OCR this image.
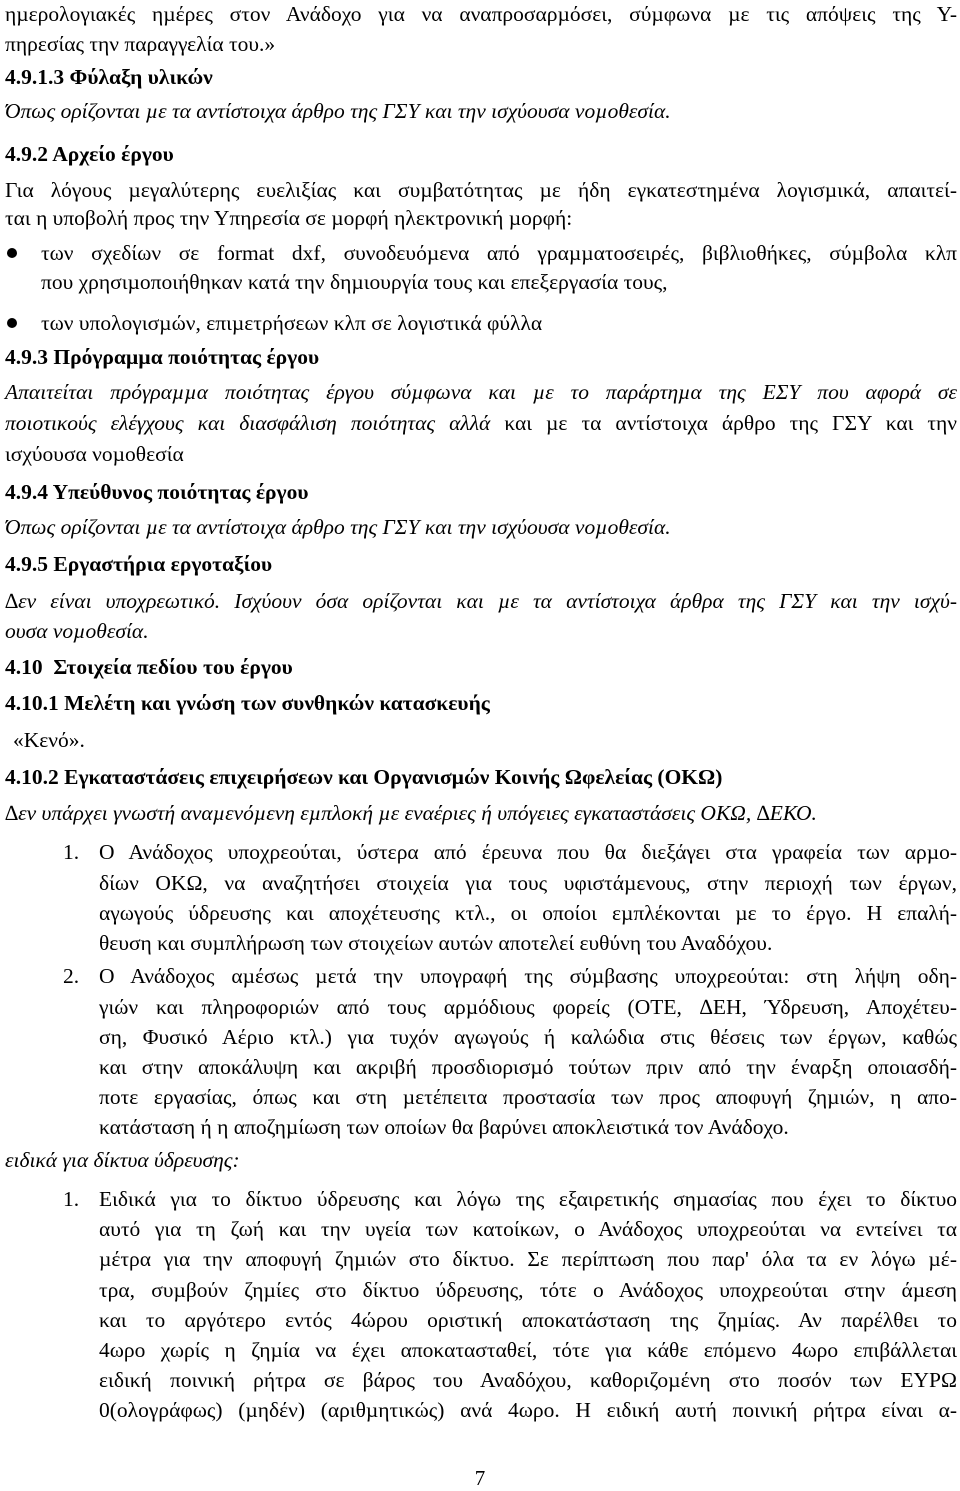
ηµερολογιακές ηµέρες στον Ανάδοχο για να αναπροσαρµόσει, σύµφωνα µε τις απόψεις της Υ-
πηρεσίας την παραγγελία του.»
4.9.1.3 Φύλαξη υλικών
Όπως ορίζονται µε τα αντίστοιχα άρθρο της ΓΣΥ και την ισχύουσα νοµοθεσία.
4.9.2 Αρχείο έργου
Για λόγους µεγαλύτερης ευελιξίας και συµβατότητας µε ήδη εγκατεστηµένα λογισµικά, απαιτεί-
ται η υποβολή προς την Υπηρεσία σε µορφή ηλεκτρονική µορφή:
των σχεδίων σε format dxf, συνοδευόµενα από γραµµατοσειρές, βιβλιοθήκες, σύµβολα κλπ
που χρησιµοποιήθηκαν κατά την δηµιουργία τους και επεξεργασία τους,
των υπολογισµών, επιµετρήσεων κλπ σε λογιστικά φύλλα
4.9.3 Πρόγραµµα ποιότητας έργου
Απαιτείται πρόγραµµα ποιότητας έργου σύµφωνα και µε το παράρτηµα της ΕΣΥ που αφορά σε
ποιοτικούς ελέγχους και διασφάλιση ποιότητας αλλά και µε τα αντίστοιχα άρθρο της ΓΣΥ και την
ισχύουσα νοµοθεσία
4.9.4 Υπεύθυνος ποιότητας έργου
Όπως ορίζονται µε τα αντίστοιχα άρθρο της ΓΣΥ και την ισχύουσα νοµοθεσία.
4.9.5 Εργαστήρια εργοταξίου
∆εν είναι υποχρεωτικό. Ισχύουν όσα ορίζονται και µε τα αντίστοιχα άρθρα της ΓΣΥ και την ισχύ-
ουσα νοµοθεσία.
4.10 Στοιχεία πεδίου του έργου
4.10.1 Μελέτη και γνώση των συνθηκών κατασκευής
«Κενό».
4.10.2 Εγκαταστάσεις επιχειρήσεων και Οργανισµών Κοινής Ωφελείας (ΟΚΩ)
∆εν υπάρχει γνωστή αναµενόµενη εµπλοκή µε εναέριες ή υπόγειες εγκαταστάσεις ΟΚΩ, ∆ΕΚΟ.
1. Ο Ανάδοχος υποχρεούται, ύστερα από έρευνα που θα διεξάγει στα γραφεία των αρµο-
δίων ΟΚΩ, να αναζητήσει στοιχεία για τους υφιστάµενους, στην περιοχή των έργων,
αγωγούς ύδρευσης και αποχέτευσης κτλ., οι οποίοι εµπλέκονται µε το έργο. Η επαλή-
θευση και συµπλήρωση των στοιχείων αυτών αποτελεί ευθύνη του Αναδόχου.
2. Ο Ανάδοχος αµέσως µετά την υπογραφή της σύµβασης υποχρεούται: στη λήψη οδη-
γιών και πληροφοριών από τους αρµόδιους φορείς (ΟΤΕ, ∆ΕΗ, Ύδρευση, Αποχέτευ-
ση, Φυσικό Αέριο κτλ.) για τυχόν αγωγούς ή καλώδια στις θέσεις των έργων, καθώς
και στην αποκάλυψη και ακριβή προσδιορισµό τούτων πριν από την έναρξη οποιασδή-
ποτε εργασίας, όπως και στη µετέπειτα προστασία των προς αποφυγή ζηµιών, η απο-
κατάσταση ή η αποζηµίωση των οποίων θα βαρύνει αποκλειστικά τον Ανάδοχο.
ειδικά για δίκτυα ύδρευσης:
1. Ειδικά για το δίκτυο ύδρευσης και λόγω της εξαιρετικής σηµασίας που έχει το δίκτυο
αυτό για τη ζωή και την υγεία των κατοίκων, ο Ανάδοχος υποχρεούται να εντείνει τα
µέτρα για την αποφυγή ζηµιών στο δίκτυο. Σε περίπτωση που παρ' όλα τα εν λόγω µέ-
τρα, συµβούν ζηµίες στο δίκτυο ύδρευσης, τότε ο Ανάδοχος υποχρεούται στην άµεση
και το αργότερο εντός 4ώρου οριστική αποκατάσταση της ζηµίας. Αν παρέλθει το
4ωρο χωρίς η ζηµία να έχει αποκατασταθεί, τότε για κάθε επόµενο 4ωρο επιβάλλεται
ειδική ποινική ρήτρα σε βάρος του Αναδόχου, καθοριζοµένη στο ποσόν των ΕΥΡΩ
0(ολογράφως) (µηδέν) (αριθµητικώς) ανά 4ωρο. Η ειδική αυτή ποινική ρήτρα είναι α-
7
